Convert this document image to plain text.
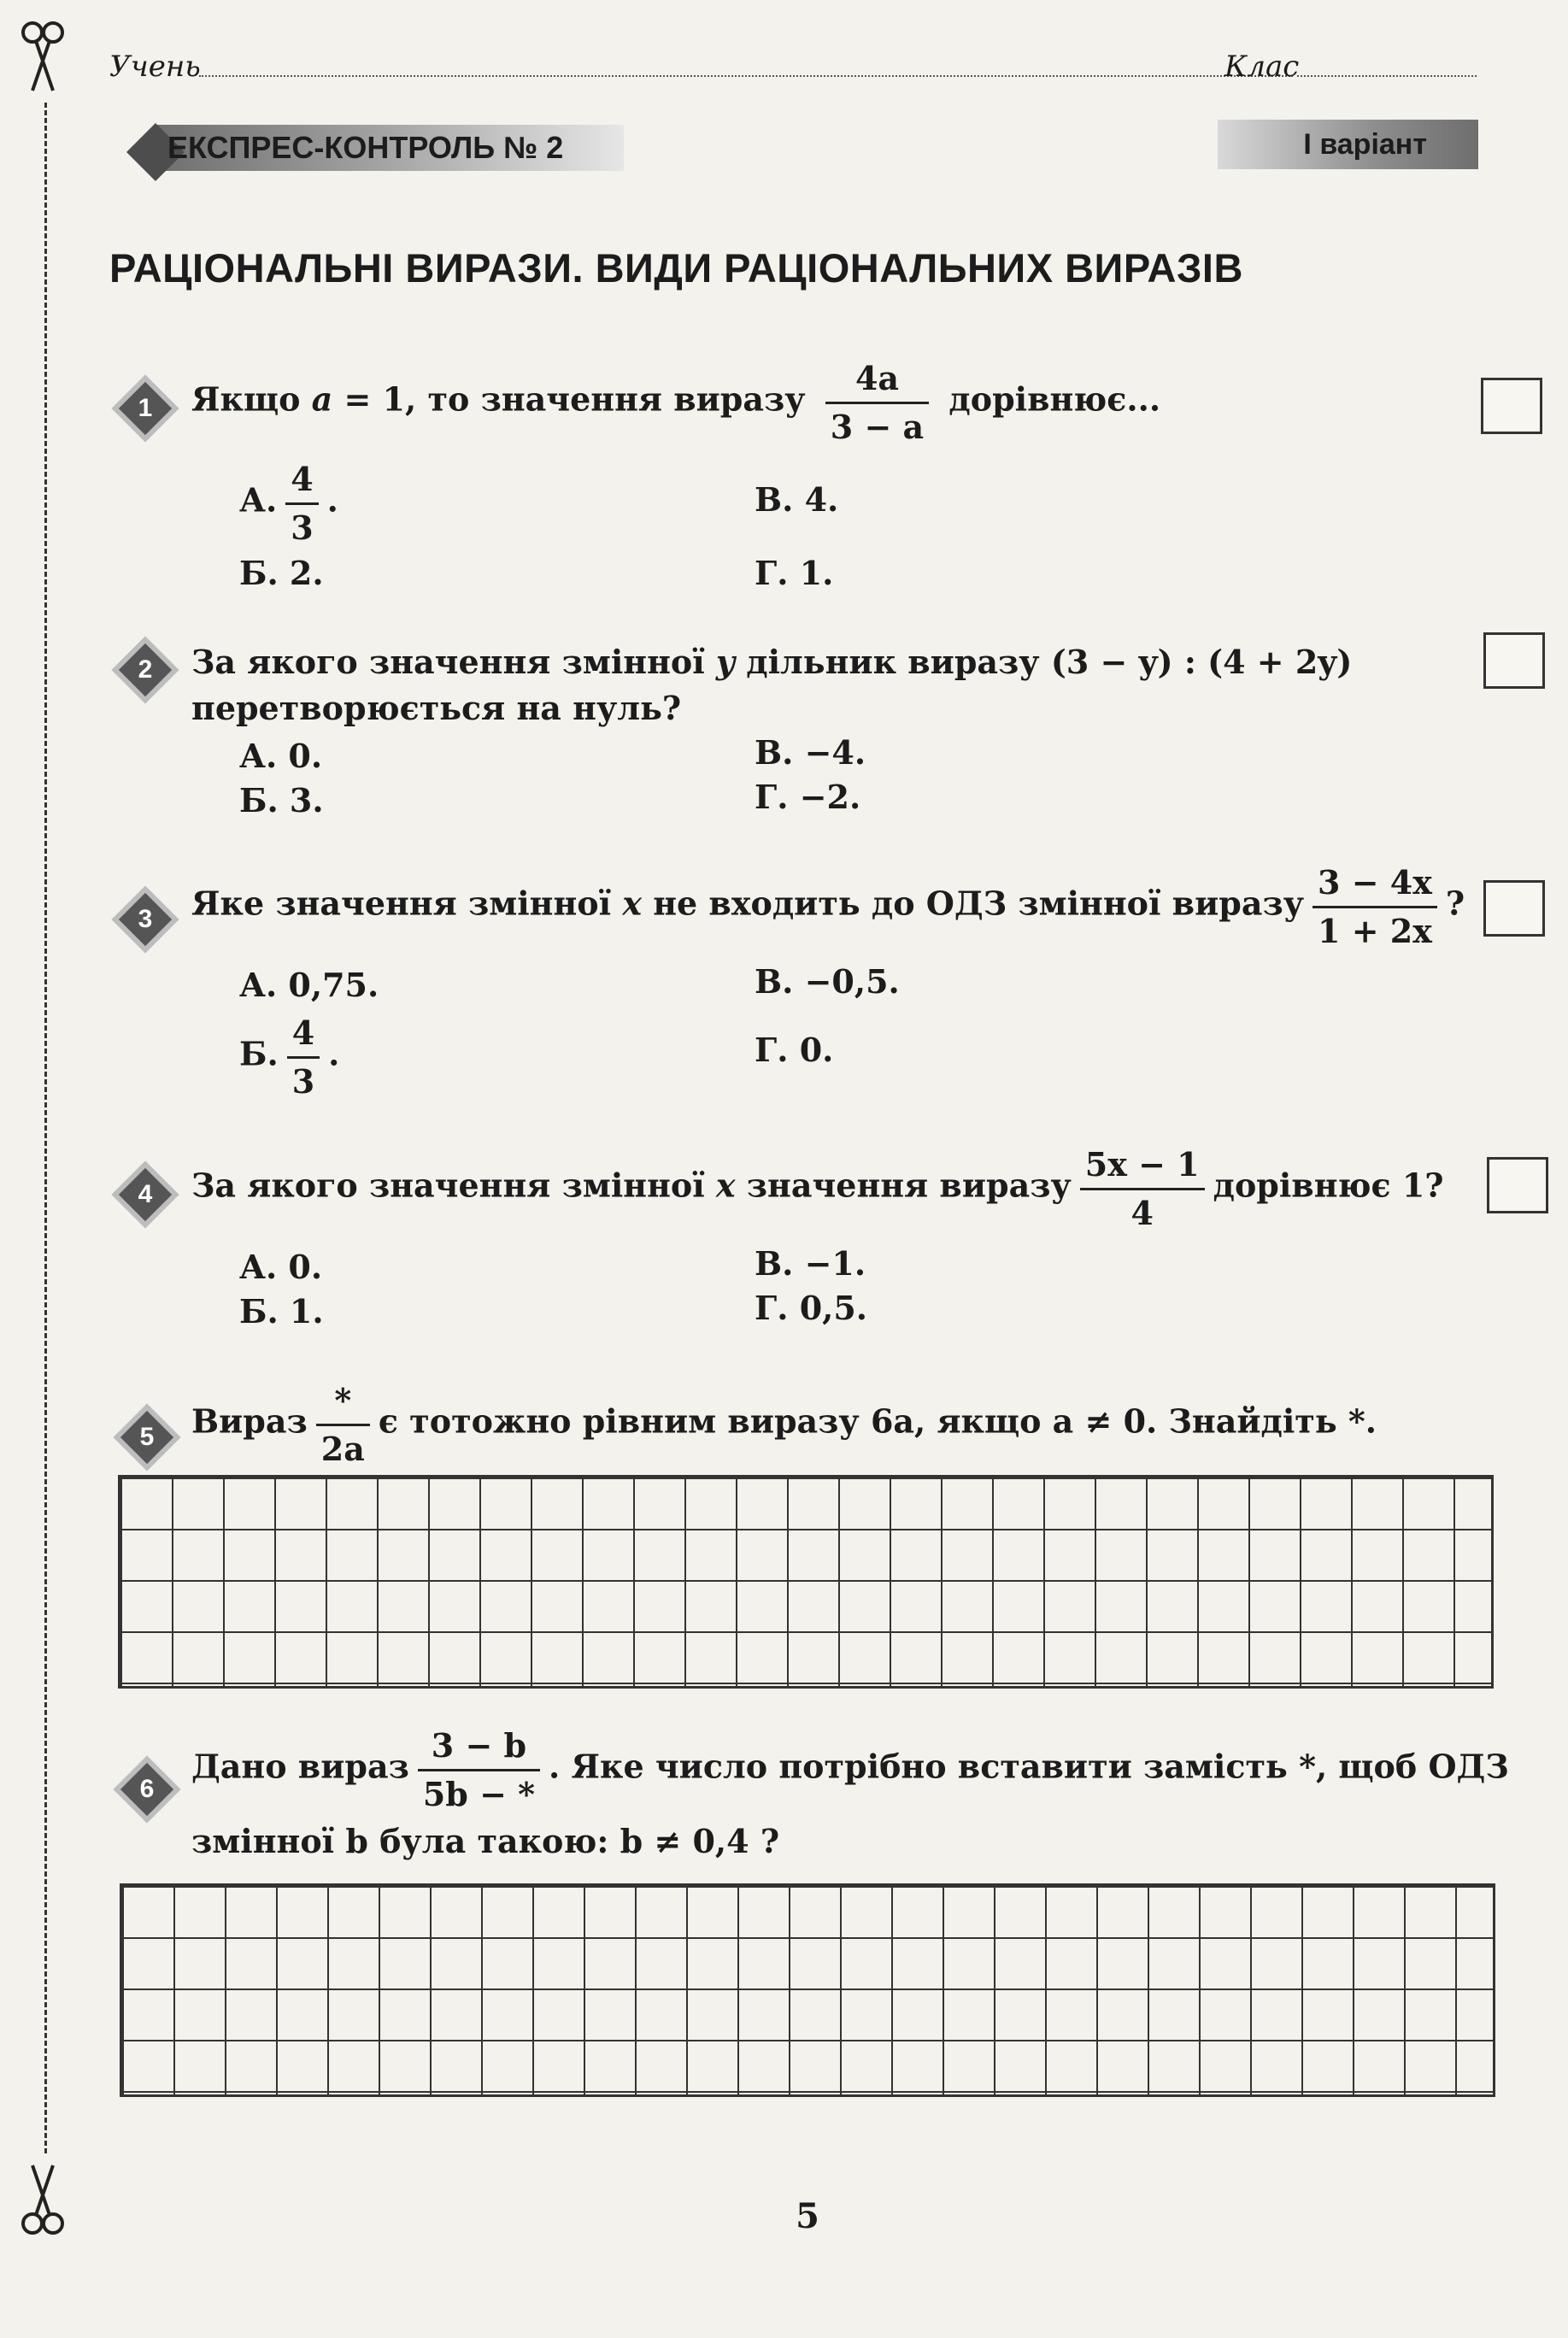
Учень	Клас
ЕКСПРЕС-КОНТРОЛЬ № 2	І варіант
РАЦІОНАЛЬНІ ВИРАЗИ. ВИДИ РАЦІОНАЛЬНИХ ВИРАЗІВ
1	Якщо a = 1, то значення виразу $\frac{4a}{3 - a}$ дорівнює...
А. $\frac{4}{3}$ .	В. 4.
Б. 2.	Г. 1.
2	За якого значення змінної y дільник виразу (3 − y) : (4 + 2y)
перетворюється на нуль?
А. 0.	В. −4.
Б. 3.	Г. −2.
3	Яке значення змінної x не входить до ОДЗ змінної виразу $\frac{3 - 4x}{1 + 2x}$ ?
А. 0,75.	В. −0,5.
Б. $\frac{4}{3}$ .	Г. 0.
4	За якого значення змінної x значення виразу $\frac{5x - 1}{4}$ дорівнює 1?
А. 0.	В. −1.
Б. 1.	Г. 0,5.
5	Вираз $\frac{*}{2a}$ є тотожно рівним виразу 6a, якщо a ≠ 0. Знайдіть *.
6
Дано вираз $\frac{3 - b}{5b - *}$ . Яке число потрібно вставити замість *, щоб ОДЗ
змінної b була такою: b ≠ 0,4 ?
5
